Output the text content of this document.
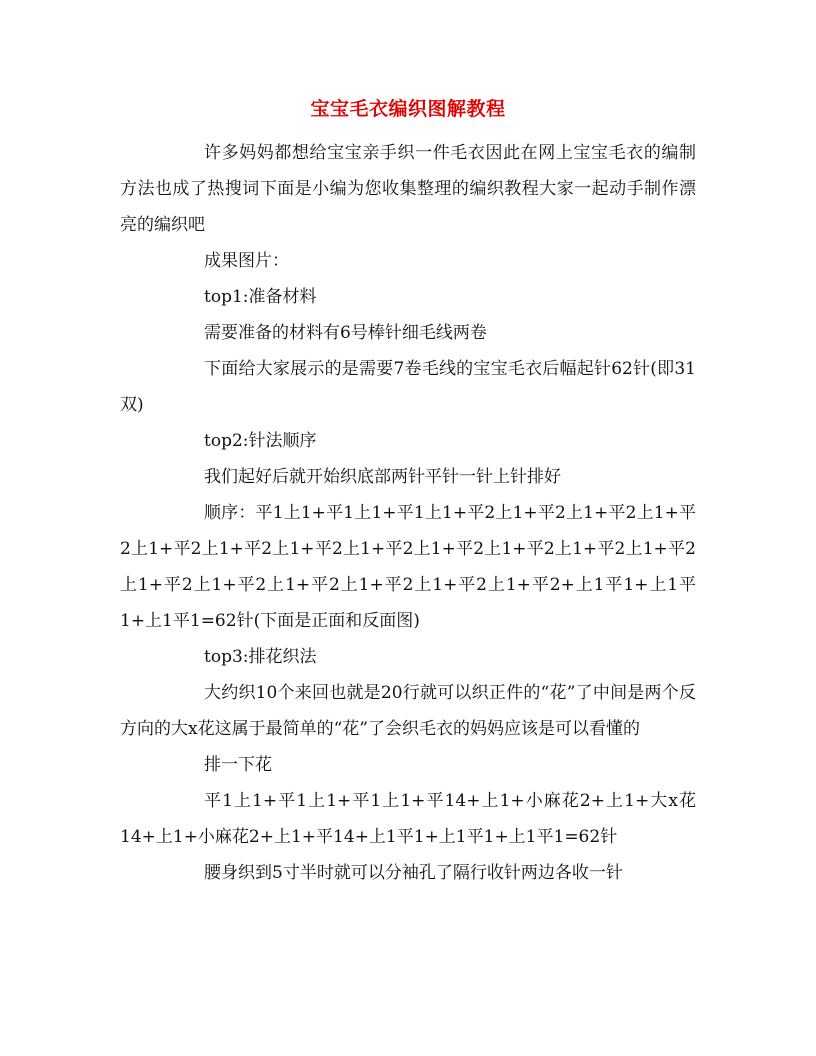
宝宝毛衣编织图解教程

许多妈妈都想给宝宝亲手织一件毛衣因此在网上宝宝毛衣的编制方法也成了热搜词下面是小编为您收集整理的编织教程大家一起动手制作漂亮的编织吧

成果图片：

top1:准备材料

需要准备的材料有6号棒针细毛线两卷

下面给大家展示的是需要7卷毛线的宝宝毛衣后幅起针62针(即31双)

top2:针法顺序

我们起好后就开始织底部两针平针一针上针排好

顺序：平1上1+平1上1+平1上1+平2上1+平2上1+平2上1+平2上1+平2上1+平2上1+平2上1+平2上1+平2上1+平2上1+平2上1+平2上1+平2上1+平2上1+平2上1+平2上1+平2上1+平2+上1平1+上1平1+上1平1=62针(下面是正面和反面图)

top3:排花织法

大约织10个来回也就是20行就可以织正件的“花”了中间是两个反方向的大x花这属于最简单的“花”了会织毛衣的妈妈应该是可以看懂的

排一下花

平1上1+平1上1+平1上1+平14+上1+小麻花2+上1+大x花14+上1+小麻花2+上1+平14+上1平1+上1平1+上1平1=62针

腰身织到5寸半时就可以分袖孔了隔行收针两边各收一针
